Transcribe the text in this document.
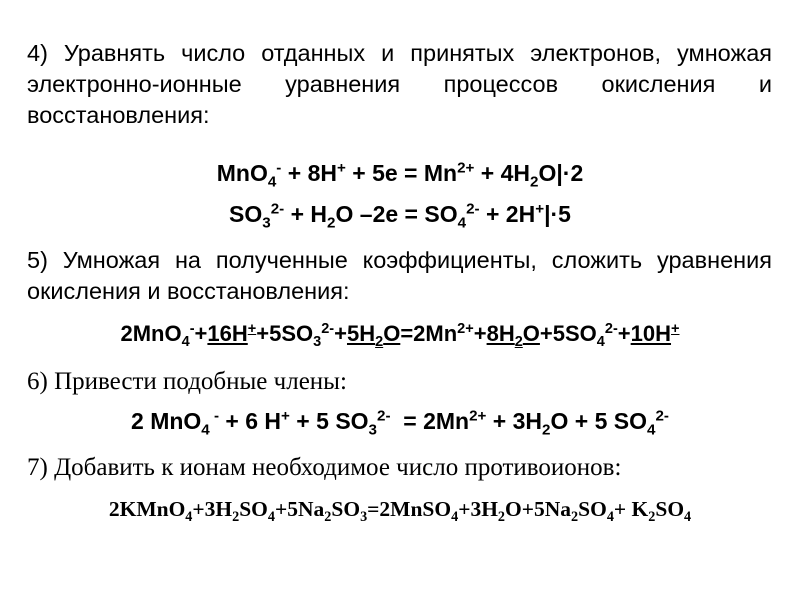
4) Уравнять число отданных и принятых электронов, умножая электронно-ионные уравнения процессов окисления и восстановления:
$MnO_4^- + 8H^+ + 5e = Mn^{2+} + 4H_2O|\cdot 2$
$SO_3^{2-} + H_2O$ $-2e = SO_4^{2-} + 2H^+|\cdot 5$
5) Умножая на полученные коэффициенты, сложить уравнения окисления и восстановления:
$2MnO_4^-+16H^++5SO_3^{2-}+5H_2O=2Mn^{2+}+8H_2O+5SO_4^{2-}+10H^+$
6) Привести подобные члены:
2 MnO$_4$ - + 6 H+ + 5 $SO_3^{2-} = 2Mn^{2+} + 3H_2O + 5$ $SO_4^{2-}$
7) Добавить к ионам необходимое число противоионов:
$2KMnO_4+3H_2SO_4+5Na_2SO_3=2MnSO_4+3H_2O+5Na_2SO_4+ K_2SO_4$
